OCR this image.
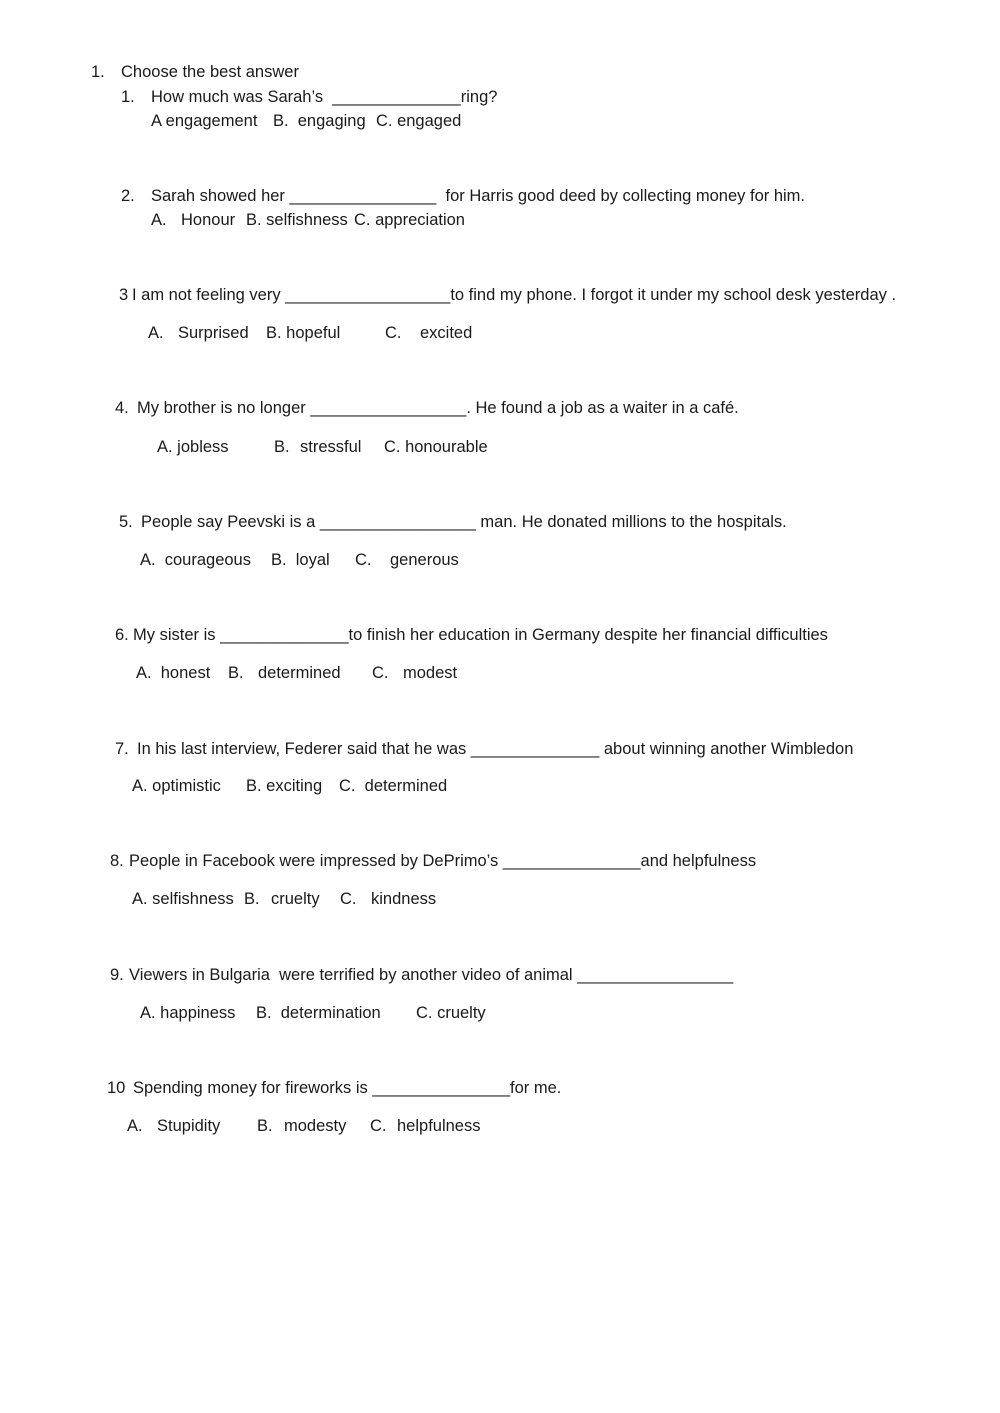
1. Choose the best answer
1. How much was Sarah’s  ______________ring?
A engagement B.  engaging C. engaged
2. Sarah showed her ________________  for Harris good deed by collecting money for him.
A. Honour B. selfishness C. appreciation
3 I am not feeling very __________________to find my phone. I forgot it under my school desk yesterday .
A. Surprised B. hopeful	C. excited
4. My brother is no longer _________________. He found a job as a waiter in a café.
A. jobless	B. stressful C. honourable
5. People say Peevski is a _________________ man. He donated millions to the hospitals.
A.  courageous B.  loyal C. generous
6. My sister is ______________to finish her education in Germany despite her financial difficulties
A.  honest B. determined C. modest
7. In his last interview, Federer said that he was ______________ about winning another Wimbledon
A. optimistic B. exciting C.  determined
8. People in Facebook were impressed by DePrimo’s _______________and helpfulness
A. selfishness B. cruelty C. kindness
9. Viewers in Bulgaria  were terrified by another video of animal _________________
A. happiness B.  determination C. cruelty
10 Spending money for fireworks is _______________for me.
A. Stupidity B. modesty C. helpfulness
